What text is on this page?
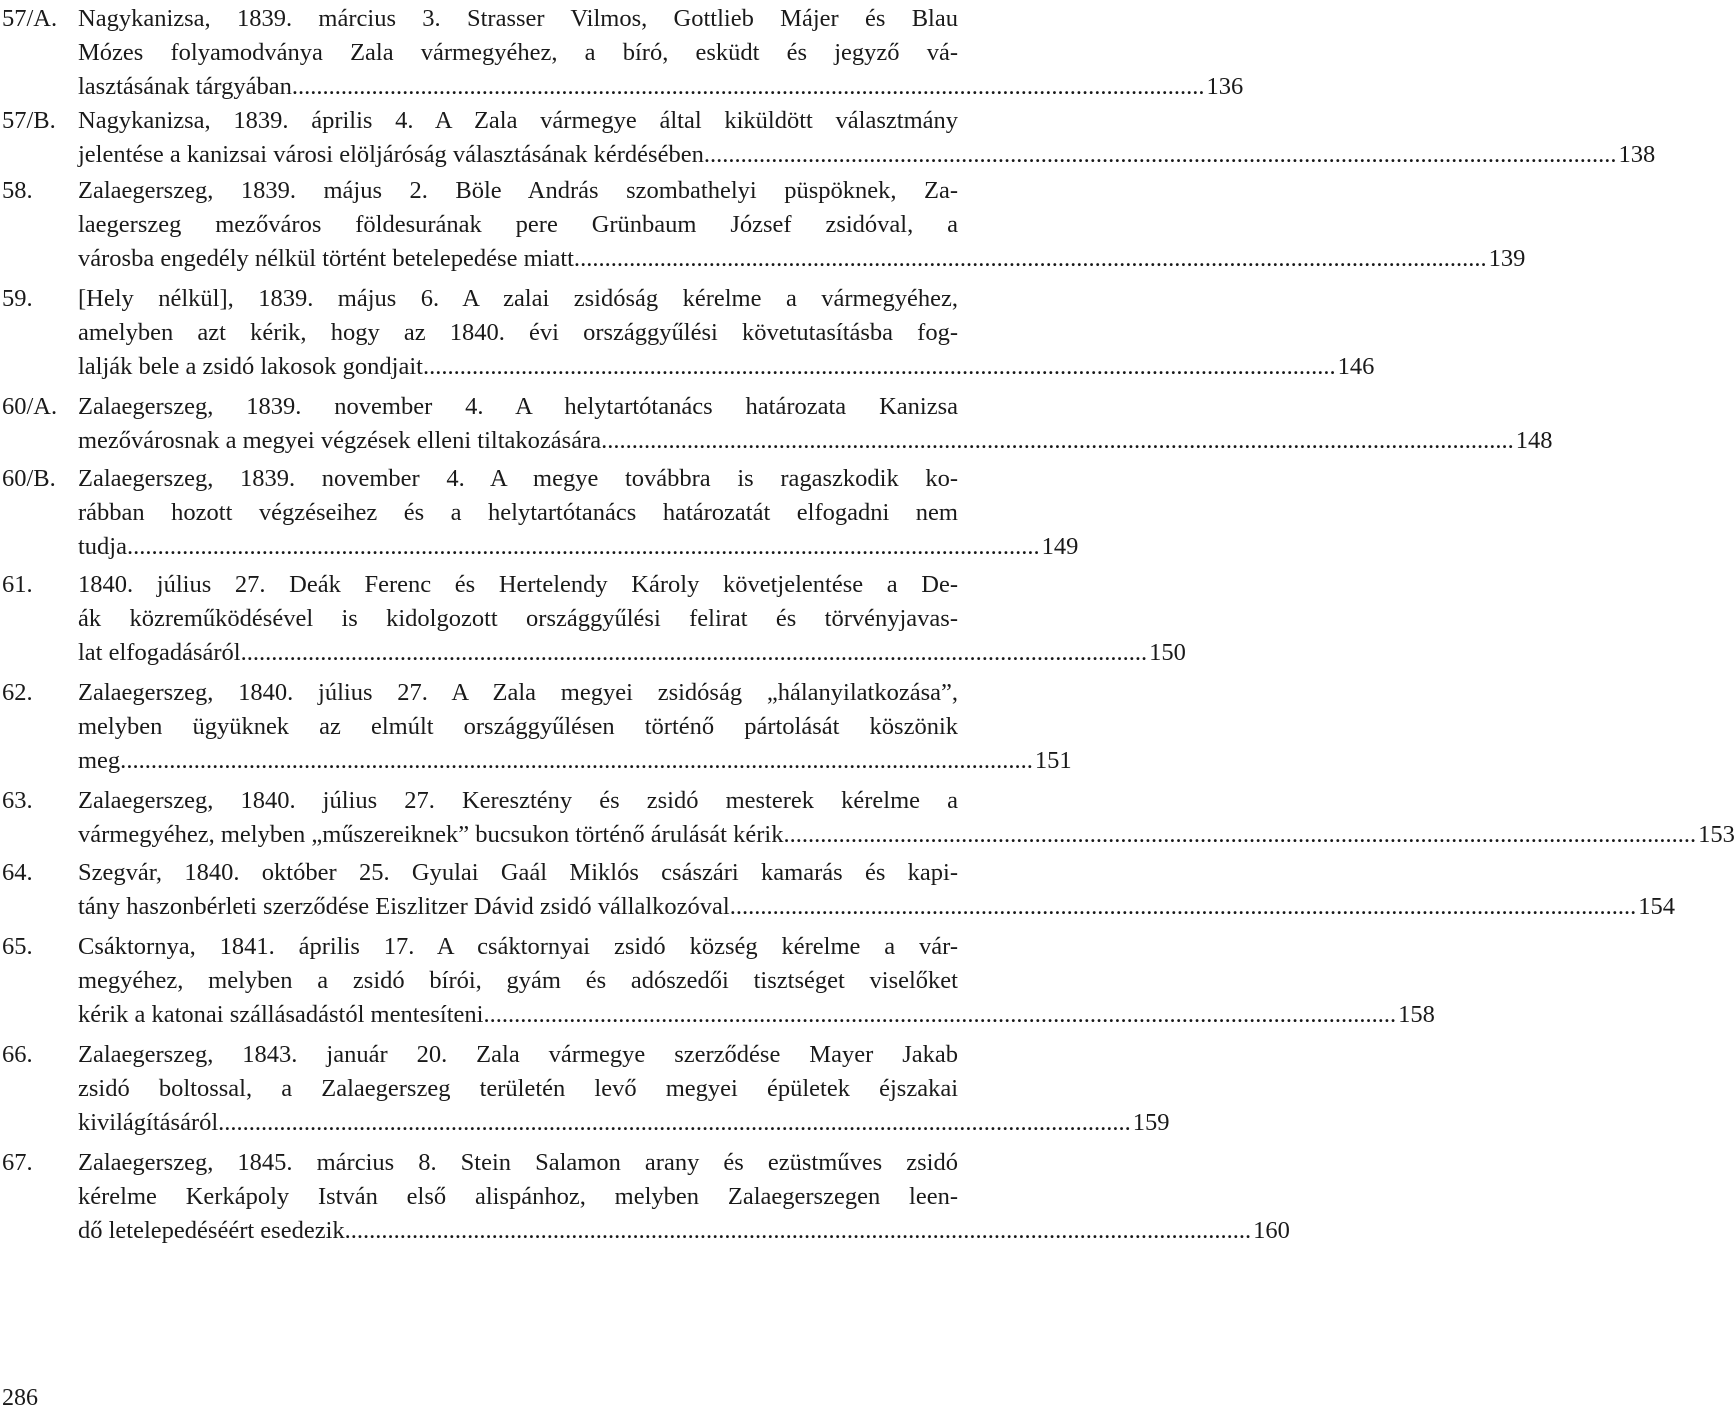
57/A. Nagykanizsa, 1839. március 3. Strasser Vilmos, Gottlieb Májer és Blau
Mózes folyamodványa Zala vármegyéhez, a bíró, esküdt és jegyző vá-
lasztásának tárgyában. .................................................................................................................................................... 136
57/B. Nagykanizsa, 1839. április 4. A Zala vármegye által kiküldött választmány
jelentése a kanizsai városi elöljáróság választásának kérdésében. .................................................................................................................................................... 138
58. Zalaegerszeg, 1839. május 2. Böle András szombathelyi püspöknek, Za-
laegerszeg mezőváros földesurának pere Grünbaum József zsidóval, a
városba engedély nélkül történt betelepedése miatt. .................................................................................................................................................... 139
59. [Hely nélkül], 1839. május 6. A zalai zsidóság kérelme a vármegyéhez,
amelyben azt kérik, hogy az 1840. évi országgyűlési követutasításba fog-
lalják bele a zsidó lakosok gondjait. .................................................................................................................................................... 146
60/A. Zalaegerszeg, 1839. november 4. A helytartótanács határozata Kanizsa
mezővárosnak a megyei végzések elleni tiltakozására. .................................................................................................................................................... 148
60/B. Zalaegerszeg, 1839. november 4. A megye továbbra is ragaszkodik ko-
rábban hozott végzéseihez és a helytartótanács határozatát elfogadni nem
tudja. .................................................................................................................................................... 149
61. 1840. július 27. Deák Ferenc és Hertelendy Károly követjelentése a De-
ák közreműködésével is kidolgozott országgyűlési felirat és törvényjavas-
lat elfogadásáról .................................................................................................................................................... 150
62. Zalaegerszeg, 1840. július 27. A Zala megyei zsidóság „hálanyilatkozása”,
melyben ügyüknek az elmúlt országgyűlésen történő pártolását köszönik
meg. .................................................................................................................................................... 151
63. Zalaegerszeg, 1840. július 27. Keresztény és zsidó mesterek kérelme a
vármegyéhez, melyben „műszereiknek” bucsukon történő árulását kérik. .................................................................................................................................................... 153
64. Szegvár, 1840. október 25. Gyulai Gaál Miklós császári kamarás és kapi-
tány haszonbérleti szerződése Eiszlitzer Dávid zsidó vállalkozóval .................................................................................................................................................... 154
65. Csáktornya, 1841. április 17. A csáktornyai zsidó község kérelme a vár-
megyéhez, melyben a zsidó bírói, gyám és adószedői tisztséget viselőket
kérik a katonai szállásadástól mentesíteni. .................................................................................................................................................... 158
66. Zalaegerszeg, 1843. január 20. Zala vármegye szerződése Mayer Jakab
zsidó boltossal, a Zalaegerszeg területén levő megyei épületek éjszakai
kivilágításáról. .................................................................................................................................................... 159
67. Zalaegerszeg, 1845. március 8. Stein Salamon arany és ezüstműves zsidó
kérelme Kerkápoly István első alispánhoz, melyben Zalaegerszegen leen-
dő letelepedéséért esedezik .................................................................................................................................................... 160
286
